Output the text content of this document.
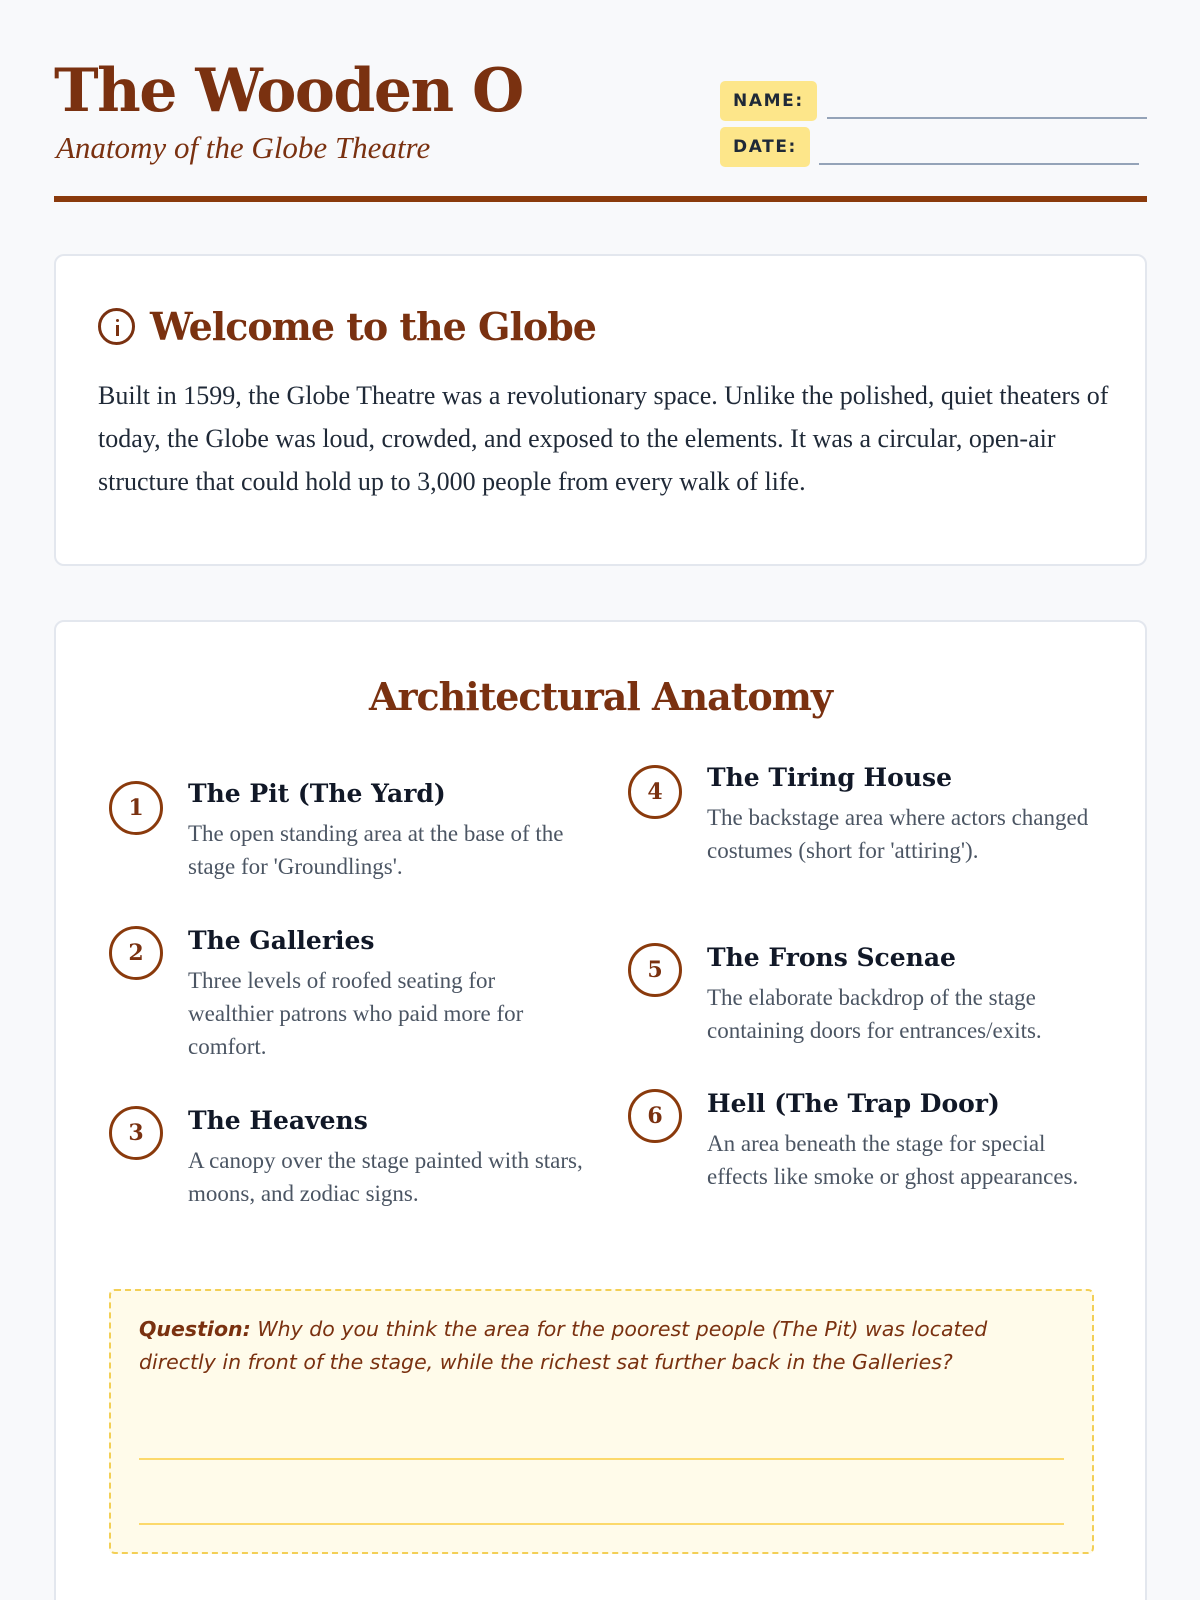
The Wooden O
Anatomy of the Globe Theatre
NAME:
DATE:
Welcome to the Globe

Built in 1599, the Globe Theatre was a revolutionary space. Unlike the polished, quiet theaters of today, the Globe was loud, crowded, and exposed to the elements. It was a circular, open-air structure that could hold up to 3,000 people from every walk of life.

Architectural Anatomy
1	The Pit (The Yard)
The open standing area at the base of the stage for 'Groundlings'.
2	The Galleries
Three levels of roofed seating for wealthier patrons who paid more for comfort.
3	The Heavens
A canopy over the stage painted with stars, moons, and zodiac signs.
4	The Tiring House
The backstage area where actors changed costumes (short for 'attiring').
5	The Frons Scenae
The elaborate backdrop of the stage containing doors for entrances/exits.
6	Hell (The Trap Door)
An area beneath the stage for special effects like smoke or ghost appearances.

Question: Why do you think the area for the poorest people (The Pit) was located directly in front of the stage, while the richest sat further back in the Galleries?
